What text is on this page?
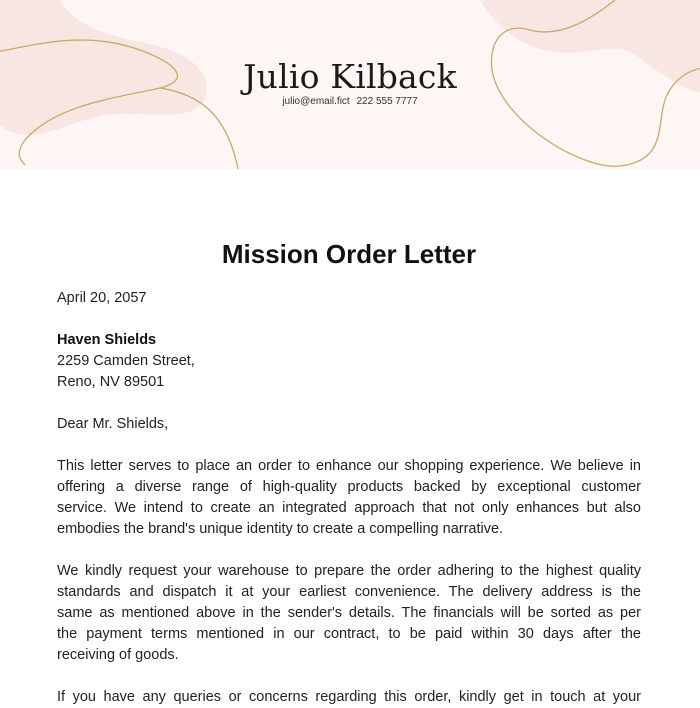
Julio Kilback
julio@email.fict 222 555 7777
Mission Order Letter
April 20, 2057
Haven Shields
2259 Camden Street,
Reno, NV 89501
Dear Mr. Shields,
This letter serves to place an order to enhance our shopping experience. We believe in
offering a diverse range of high-quality products backed by exceptional customer
service. We intend to create an integrated approach that not only enhances but also
embodies the brand's unique identity to create a compelling narrative.
We kindly request your warehouse to prepare the order adhering to the highest quality
standards and dispatch it at your earliest convenience. The delivery address is the
same as mentioned above in the sender's details. The financials will be sorted as per
the payment terms mentioned in our contract, to be paid within 30 days after the
receiving of goods.
If you have any queries or concerns regarding this order, kindly get in touch at your
